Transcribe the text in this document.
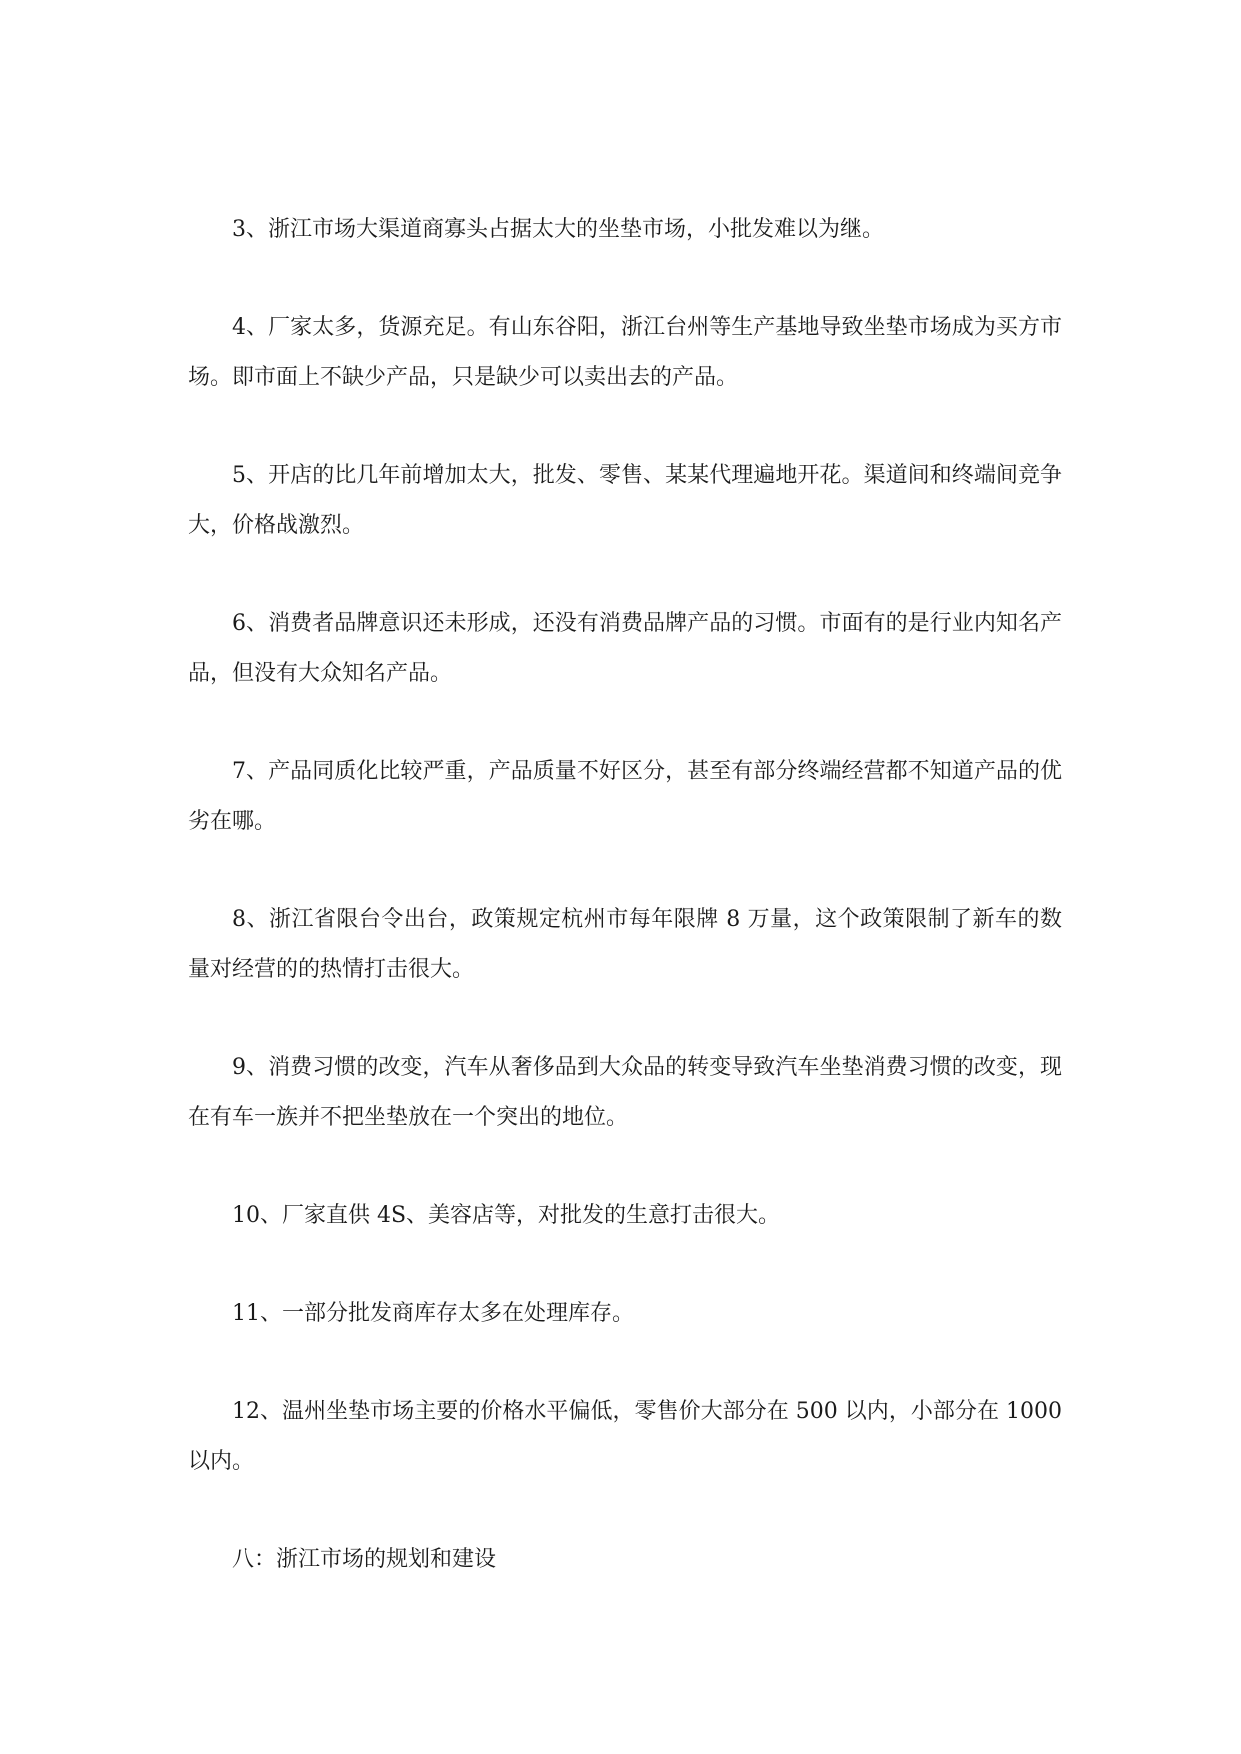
3、浙江市场大渠道商寡头占据太大的坐垫市场，小批发难以为继。

4、厂家太多，货源充足。有山东谷阳，浙江台州等生产基地导致坐垫市场成为买方市场。即市面上不缺少产品，只是缺少可以卖出去的产品。

5、开店的比几年前增加太大，批发、零售、某某代理遍地开花。渠道间和终端间竞争大，价格战激烈。

6、消费者品牌意识还未形成，还没有消费品牌产品的习惯。市面有的是行业内知名产品，但没有大众知名产品。

7、产品同质化比较严重，产品质量不好区分，甚至有部分终端经营都不知道产品的优劣在哪。

8、浙江省限台令出台，政策规定杭州市每年限牌 8 万量，这个政策限制了新车的数量对经营的的热情打击很大。

9、消费习惯的改变，汽车从奢侈品到大众品的转变导致汽车坐垫消费习惯的改变，现在有车一族并不把坐垫放在一个突出的地位。

10、厂家直供 4S、美容店等，对批发的生意打击很大。

11、一部分批发商库存太多在处理库存。

12、温州坐垫市场主要的价格水平偏低，零售价大部分在 500 以内，小部分在 1000 以内。

八：浙江市场的规划和建设
